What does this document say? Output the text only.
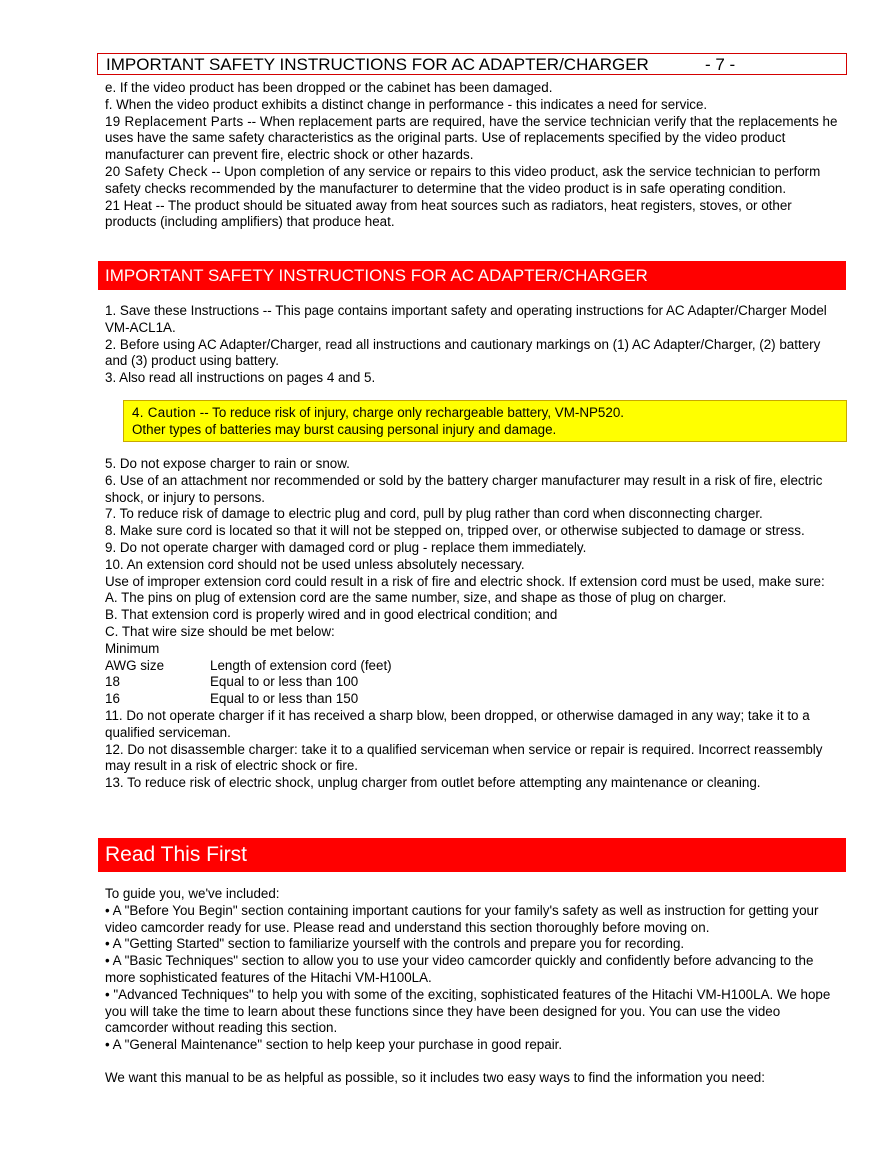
IMPORTANT SAFETY INSTRUCTIONS FOR AC ADAPTER/CHARGER	- 7 -

e. If the video product has been dropped or the cabinet has been damaged.

f. When the video product exhibits a distinct change in performance - this indicates a need for service.

19 Replacement Parts -- When replacement parts are required, have the service technician verify that the replacements he uses have the same safety characteristics as the original parts. Use of replacements specified by the video product manufacturer can prevent fire, electric shock or other hazards.

20 Safety Check -- Upon completion of any service or repairs to this video product, ask the service technician to perform safety checks recommended by the manufacturer to determine that the video product is in safe operating condition.

21 Heat -- The product should be situated away from heat sources such as radiators, heat registers, stoves, or other products (including amplifiers) that produce heat.

IMPORTANT SAFETY INSTRUCTIONS FOR AC ADAPTER/CHARGER

1. Save these Instructions -- This page contains important safety and operating instructions for AC Adapter/Charger Model VM-ACL1A.

2. Before using AC Adapter/Charger, read all instructions and cautionary markings on (1) AC Adapter/Charger, (2) battery and (3) product using battery.

3. Also read all instructions on pages 4 and 5.

4. Caution -- To reduce risk of injury, charge only rechargeable battery, VM-NP520.
Other types of batteries may burst causing personal injury and damage.

5. Do not expose charger to rain or snow.

6. Use of an attachment nor recommended or sold by the battery charger manufacturer may result in a risk of fire, electric shock, or injury to persons.

7. To reduce risk of damage to electric plug and cord, pull by plug rather than cord when disconnecting charger.

8. Make sure cord is located so that it will not be stepped on, tripped over, or otherwise subjected to damage or stress.

9. Do not operate charger with damaged cord or plug - replace them immediately.

10. An extension cord should not be used unless absolutely necessary.

Use of improper extension cord could result in a risk of fire and electric shock. If extension cord must be used, make sure:

A. The pins on plug of extension cord are the same number, size, and shape as those of plug on charger.

B. That extension cord is properly wired and in good electrical condition; and

C. That wire size should be met below:

Minimum

AWG size	Length of extension cord (feet)
18	Equal to or less than 100
16	Equal to or less than 150

11. Do not operate charger if it has received a sharp blow, been dropped, or otherwise damaged in any way; take it to a qualified serviceman.

12. Do not disassemble charger: take it to a qualified serviceman when service or repair is required. Incorrect reassembly may result in a risk of electric shock or fire.

13. To reduce risk of electric shock, unplug charger from outlet before attempting any maintenance or cleaning.

Read This First

To guide you, we've included:

• A "Before You Begin" section containing important cautions for your family's safety as well as instruction for getting your video camcorder ready for use. Please read and understand this section thoroughly before moving on.

• A "Getting Started" section to familiarize yourself with the controls and prepare you for recording.

• A "Basic Techniques" section to allow you to use your video camcorder quickly and confidently before advancing to the more sophisticated features of the Hitachi VM-H100LA.

• "Advanced Techniques" to help you with some of the exciting, sophisticated features of the Hitachi VM-H100LA. We hope you will take the time to learn about these functions since they have been designed for you. You can use the video camcorder without reading this section.

• A "General Maintenance" section to help keep your purchase in good repair.

We want this manual to be as helpful as possible, so it includes two easy ways to find the information you need:
